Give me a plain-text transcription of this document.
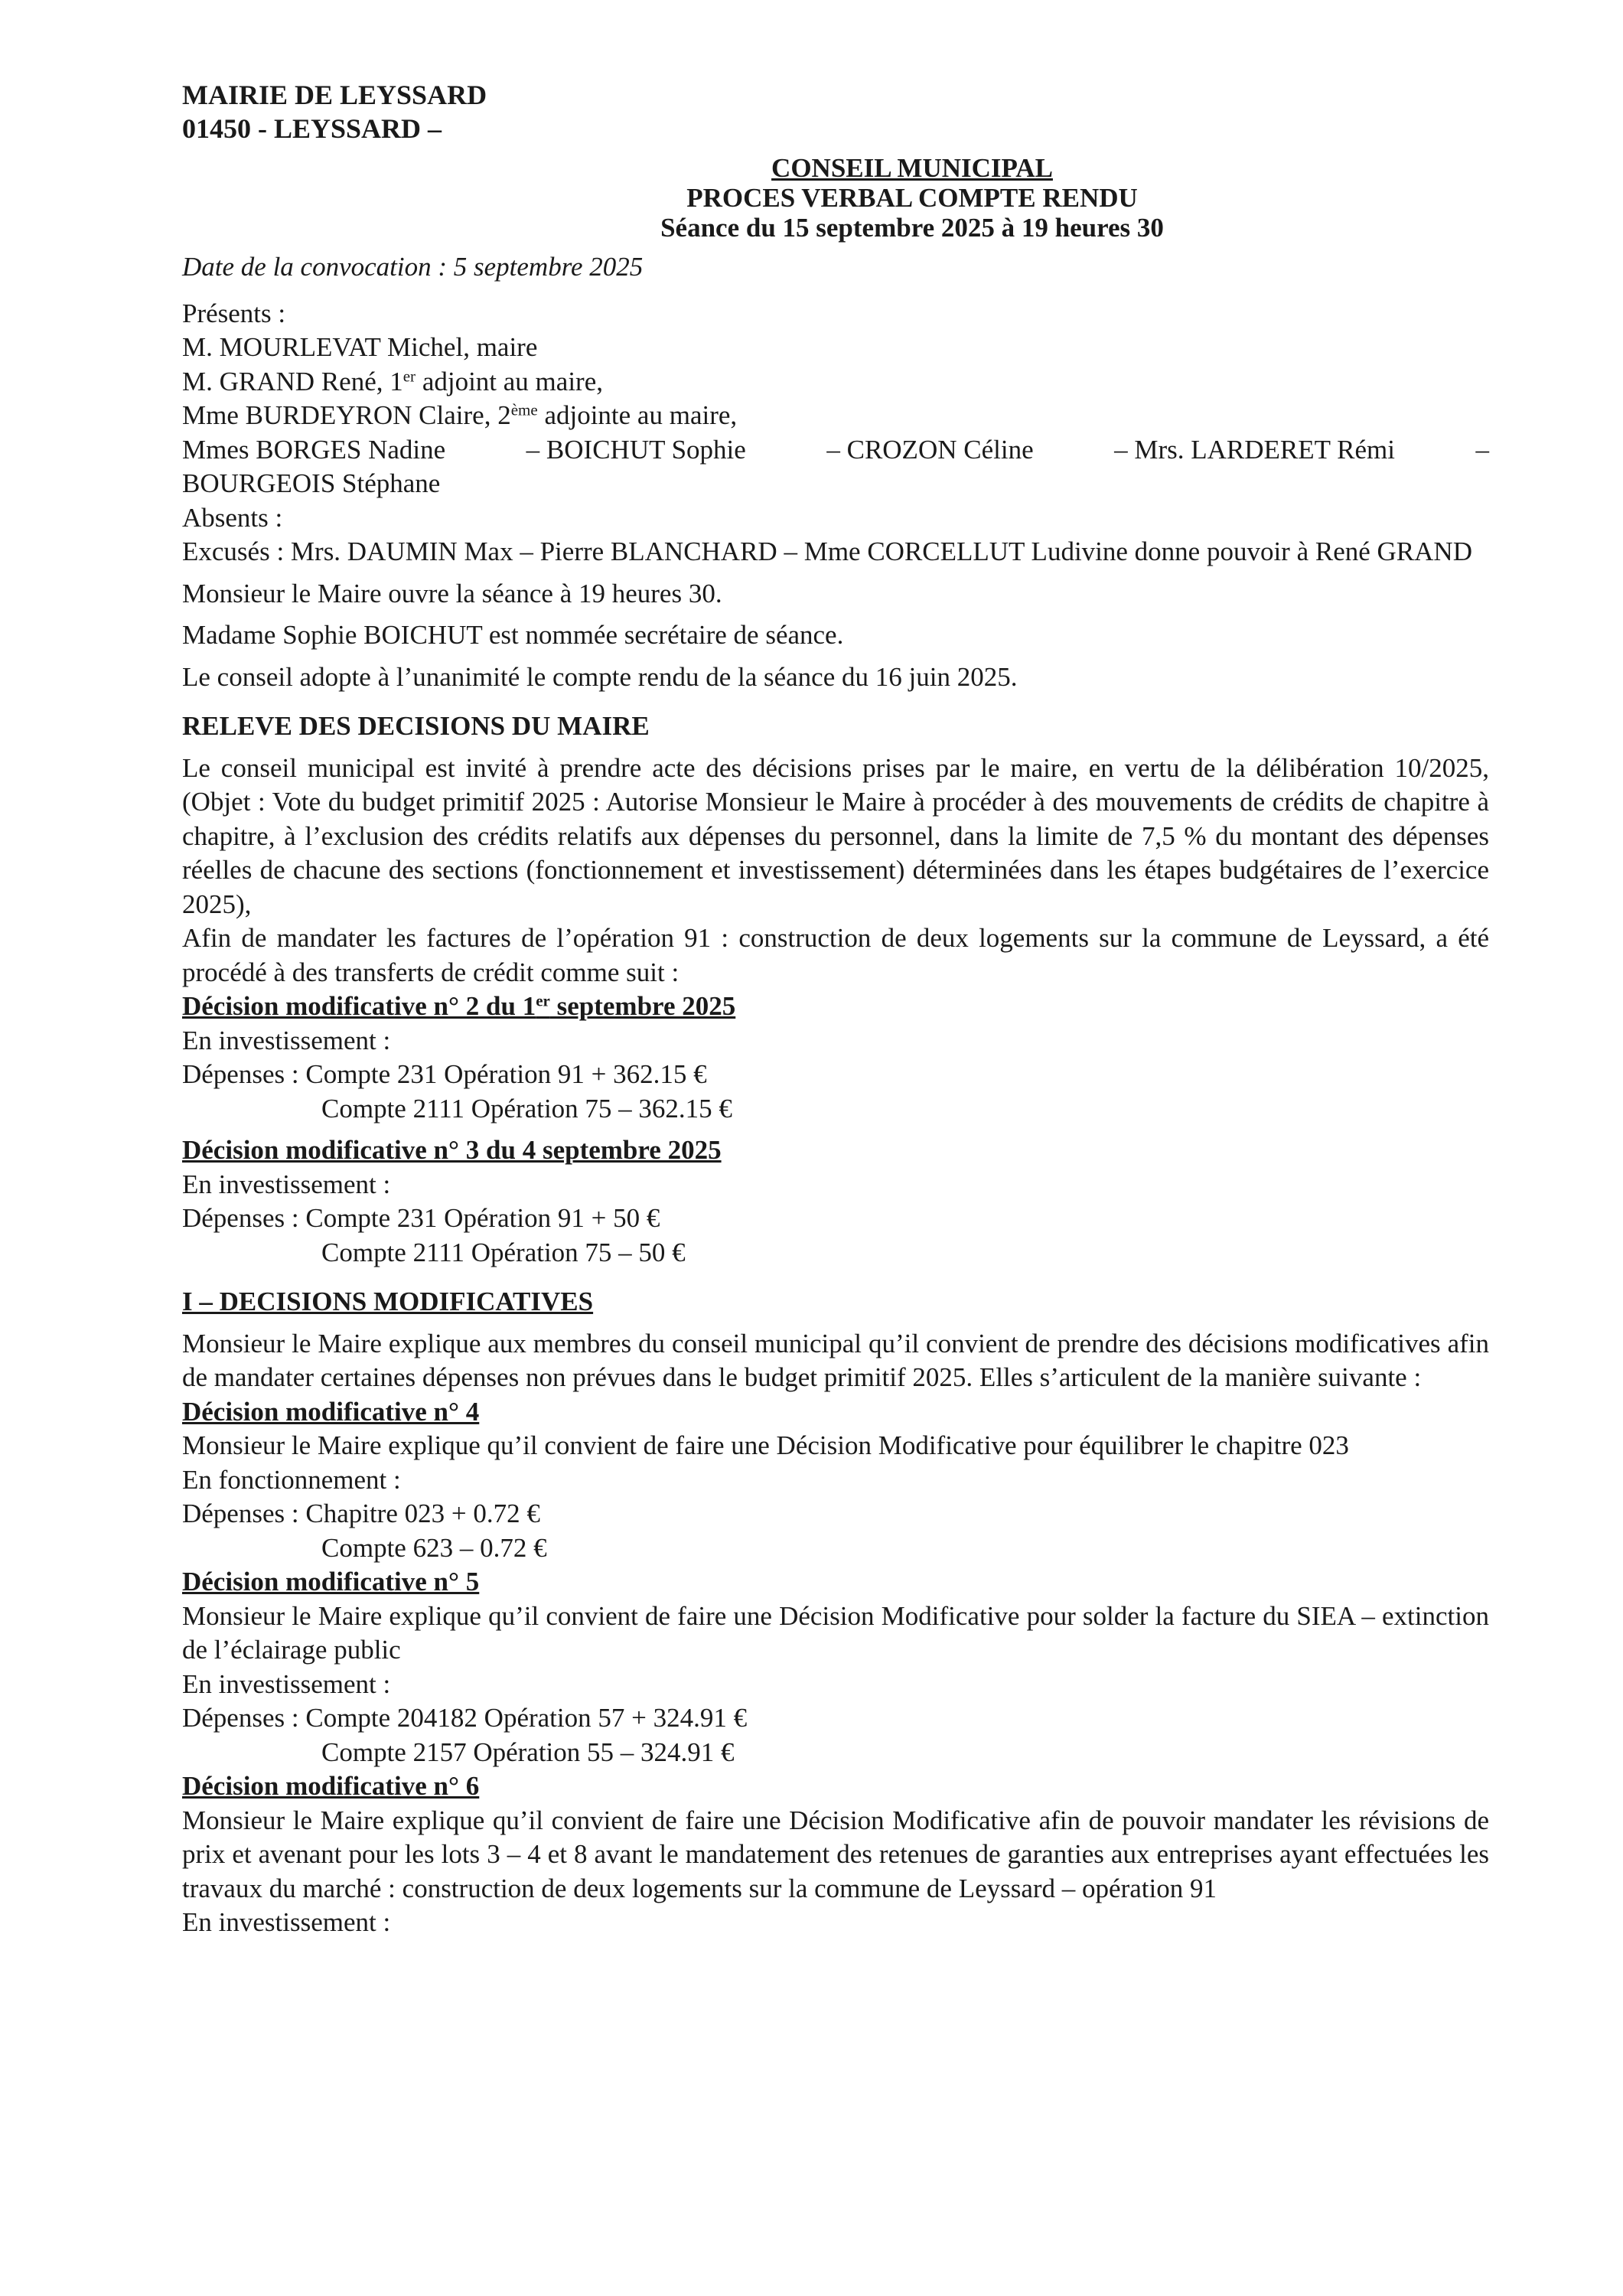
MAIRIE DE LEYSSARD
01450 - LEYSSARD –
CONSEIL MUNICIPAL
PROCES VERBAL COMPTE RENDU
Séance du 15 septembre 2025 à 19 heures 30
Date de la convocation : 5 septembre 2025
Présents :
M. MOURLEVAT Michel, maire
M. GRAND René, 1er adjoint au maire,
Mme BURDEYRON Claire, 2ème adjointe au maire,
Mmes BORGES Nadine	– BOICHUT Sophie	– CROZON Céline	– Mrs. LARDERET Rémi	–
BOURGEOIS Stéphane
Absents :
Excusés : Mrs. DAUMIN Max – Pierre BLANCHARD – Mme CORCELLUT Ludivine donne pouvoir à René GRAND
Monsieur le Maire ouvre la séance à 19 heures 30.
Madame Sophie BOICHUT est nommée secrétaire de séance.
Le conseil adopte à l’unanimité le compte rendu de la séance du 16 juin 2025.
RELEVE DES DECISIONS DU MAIRE
Le conseil municipal est invité à prendre acte des décisions prises par le maire, en vertu de la délibération 10/2025, (Objet : Vote du budget primitif 2025 : Autorise Monsieur le Maire à procéder à des mouvements de crédits de chapitre à chapitre, à l’exclusion des crédits relatifs aux dépenses du personnel, dans la limite de 7,5 % du montant des dépenses réelles de chacune des sections (fonctionnement et investissement) déterminées dans les étapes budgétaires de l’exercice 2025),
Afin de mandater les factures de l’opération 91 : construction de deux logements sur la commune de Leyssard, a été procédé à des transferts de crédit comme suit :
Décision modificative n° 2 du 1er septembre 2025
En investissement :
Dépenses : Compte 231 Opération 91 + 362.15 €
Compte 2111 Opération 75 – 362.15 €
Décision modificative n° 3 du 4 septembre 2025
En investissement :
Dépenses : Compte 231 Opération 91 + 50 €
Compte 2111 Opération 75 – 50 €
I – DECISIONS MODIFICATIVES
Monsieur le Maire explique aux membres du conseil municipal qu’il convient de prendre des décisions modificatives afin de mandater certaines dépenses non prévues dans le budget primitif 2025. Elles s’articulent de la manière suivante :
Décision modificative n° 4
Monsieur le Maire explique qu’il convient de faire une Décision Modificative pour équilibrer le chapitre 023
En fonctionnement :
Dépenses : Chapitre 023 + 0.72 €
Compte 623 – 0.72 €
Décision modificative n° 5
Monsieur le Maire explique qu’il convient de faire une Décision Modificative pour solder la facture du SIEA – extinction de l’éclairage public
En investissement :
Dépenses : Compte 204182 Opération 57 + 324.91 €
Compte 2157 Opération 55 – 324.91 €
Décision modificative n° 6
Monsieur le Maire explique qu’il convient de faire une Décision Modificative afin de pouvoir mandater les révisions de prix et avenant pour les lots 3 – 4 et 8 avant le mandatement des retenues de garanties aux entreprises ayant effectuées les travaux du marché : construction de deux logements sur la commune de Leyssard – opération 91
En investissement :
